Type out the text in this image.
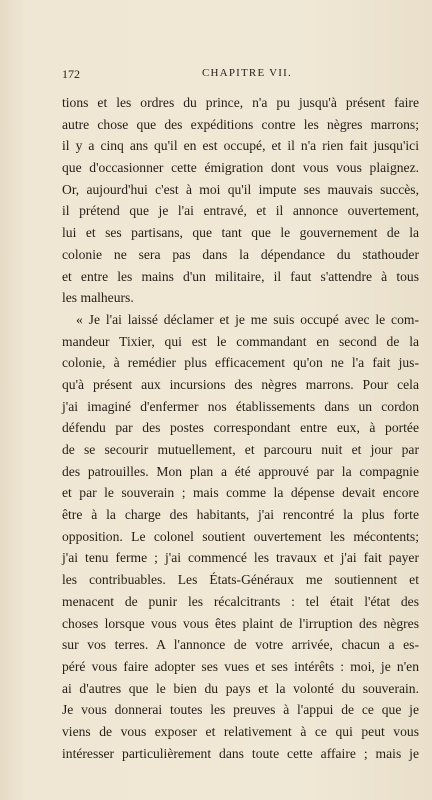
172	CHAPITRE VII.
tions et les ordres du prince, n'a pu jusqu'à présent faire
autre chose que des expéditions contre les nègres marrons;
il y a cinq ans qu'il en est occupé, et il n'a rien fait jusqu'ici
que d'occasionner cette émigration dont vous vous plaignez.
Or, aujourd'hui c'est à moi qu'il impute ses mauvais succès,
il prétend que je l'ai entravé, et il annonce ouvertement,
lui et ses partisans, que tant que le gouvernement de la
colonie ne sera pas dans la dépendance du stathouder
et entre les mains d'un militaire, il faut s'attendre à tous
les malheurs.
« Je l'ai laissé déclamer et je me suis occupé avec le com-
mandeur Tixier, qui est le commandant en second de la
colonie, à remédier plus efficacement qu'on ne l'a fait jus-
qu'à présent aux incursions des nègres marrons. Pour cela
j'ai imaginé d'enfermer nos établissements dans un cordon
défendu par des postes correspondant entre eux, à portée
de se secourir mutuellement, et parcouru nuit et jour par
des patrouilles. Mon plan a été approuvé par la compagnie
et par le souverain ; mais comme la dépense devait encore
être à la charge des habitants, j'ai rencontré la plus forte
opposition. Le colonel soutient ouvertement les mécontents;
j'ai tenu ferme ; j'ai commencé les travaux et j'ai fait payer
les contribuables. Les États-Généraux me soutiennent et
menacent de punir les récalcitrants : tel était l'état des
choses lorsque vous vous êtes plaint de l'irruption des nègres
sur vos terres. A l'annonce de votre arrivée, chacun a es-
péré vous faire adopter ses vues et ses intérêts : moi, je n'en
ai d'autres que le bien du pays et la volonté du souverain.
Je vous donnerai toutes les preuves à l'appui de ce que je
viens de vous exposer et relativement à ce qui peut vous
intéresser particulièrement dans toute cette affaire ; mais je
